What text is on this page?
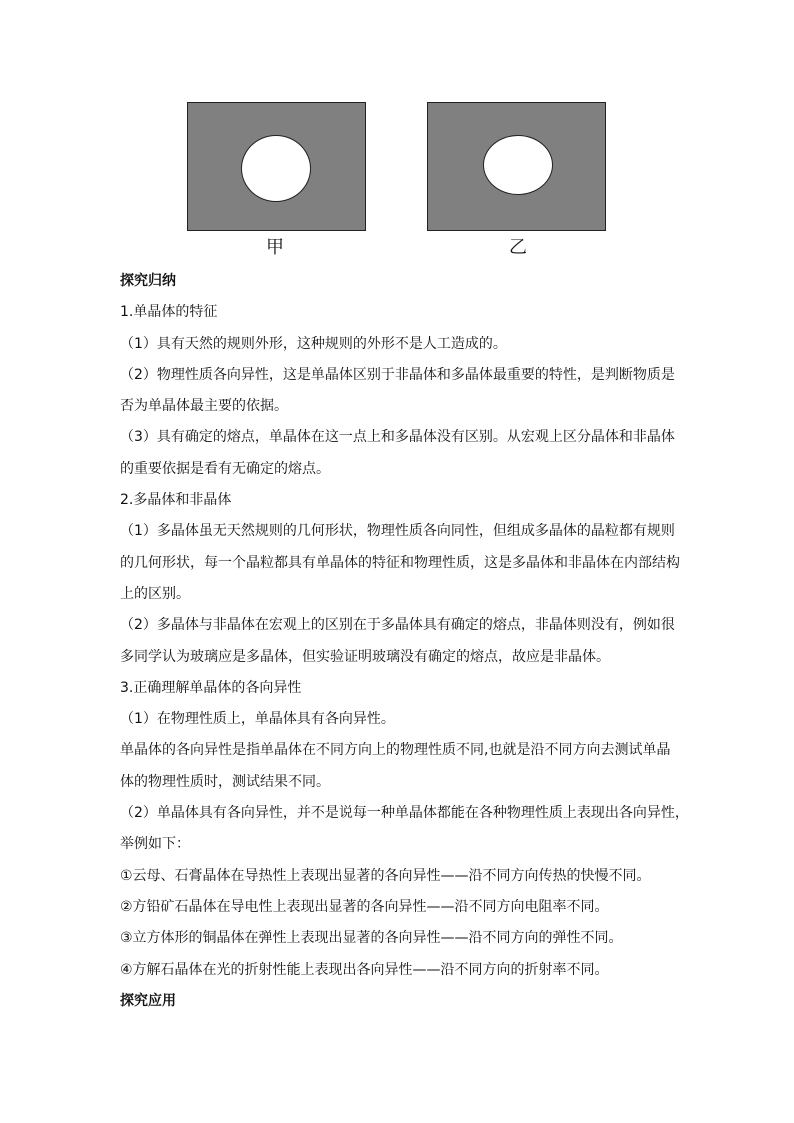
甲	乙
探究归纳
1.单晶体的特征
（1）具有天然的规则外形，这种规则的外形不是人工造成的。
（2）物理性质各向异性，这是单晶体区别于非晶体和多晶体最重要的特性，是判断物质是
否为单晶体最主要的依据。
（3）具有确定的熔点，单晶体在这一点上和多晶体没有区别。从宏观上区分晶体和非晶体
的重要依据是看有无确定的熔点。
2.多晶体和非晶体
（1）多晶体虽无天然规则的几何形状，物理性质各向同性，但组成多晶体的晶粒都有规则
的几何形状，每一个晶粒都具有单晶体的特征和物理性质，这是多晶体和非晶体在内部结构
上的区别。
（2）多晶体与非晶体在宏观上的区别在于多晶体具有确定的熔点，非晶体则没有，例如很
多同学认为玻璃应是多晶体，但实验证明玻璃没有确定的熔点，故应是非晶体。
3.正确理解单晶体的各向异性
（1）在物理性质上，单晶体具有各向异性。
单晶体的各向异性是指单晶体在不同方向上的物理性质不同,也就是沿不同方向去测试单晶
体的物理性质时，测试结果不同。
（2）单晶体具有各向异性，并不是说每一种单晶体都能在各种物理性质上表现出各向异性，
举例如下：
①云母、石膏晶体在导热性上表现出显著的各向异性——沿不同方向传热的快慢不同。
②方铅矿石晶体在导电性上表现出显著的各向异性——沿不同方向电阻率不同。
③立方体形的铜晶体在弹性上表现出显著的各向异性——沿不同方向的弹性不同。
④方解石晶体在光的折射性能上表现出各向异性——沿不同方向的折射率不同。
探究应用
